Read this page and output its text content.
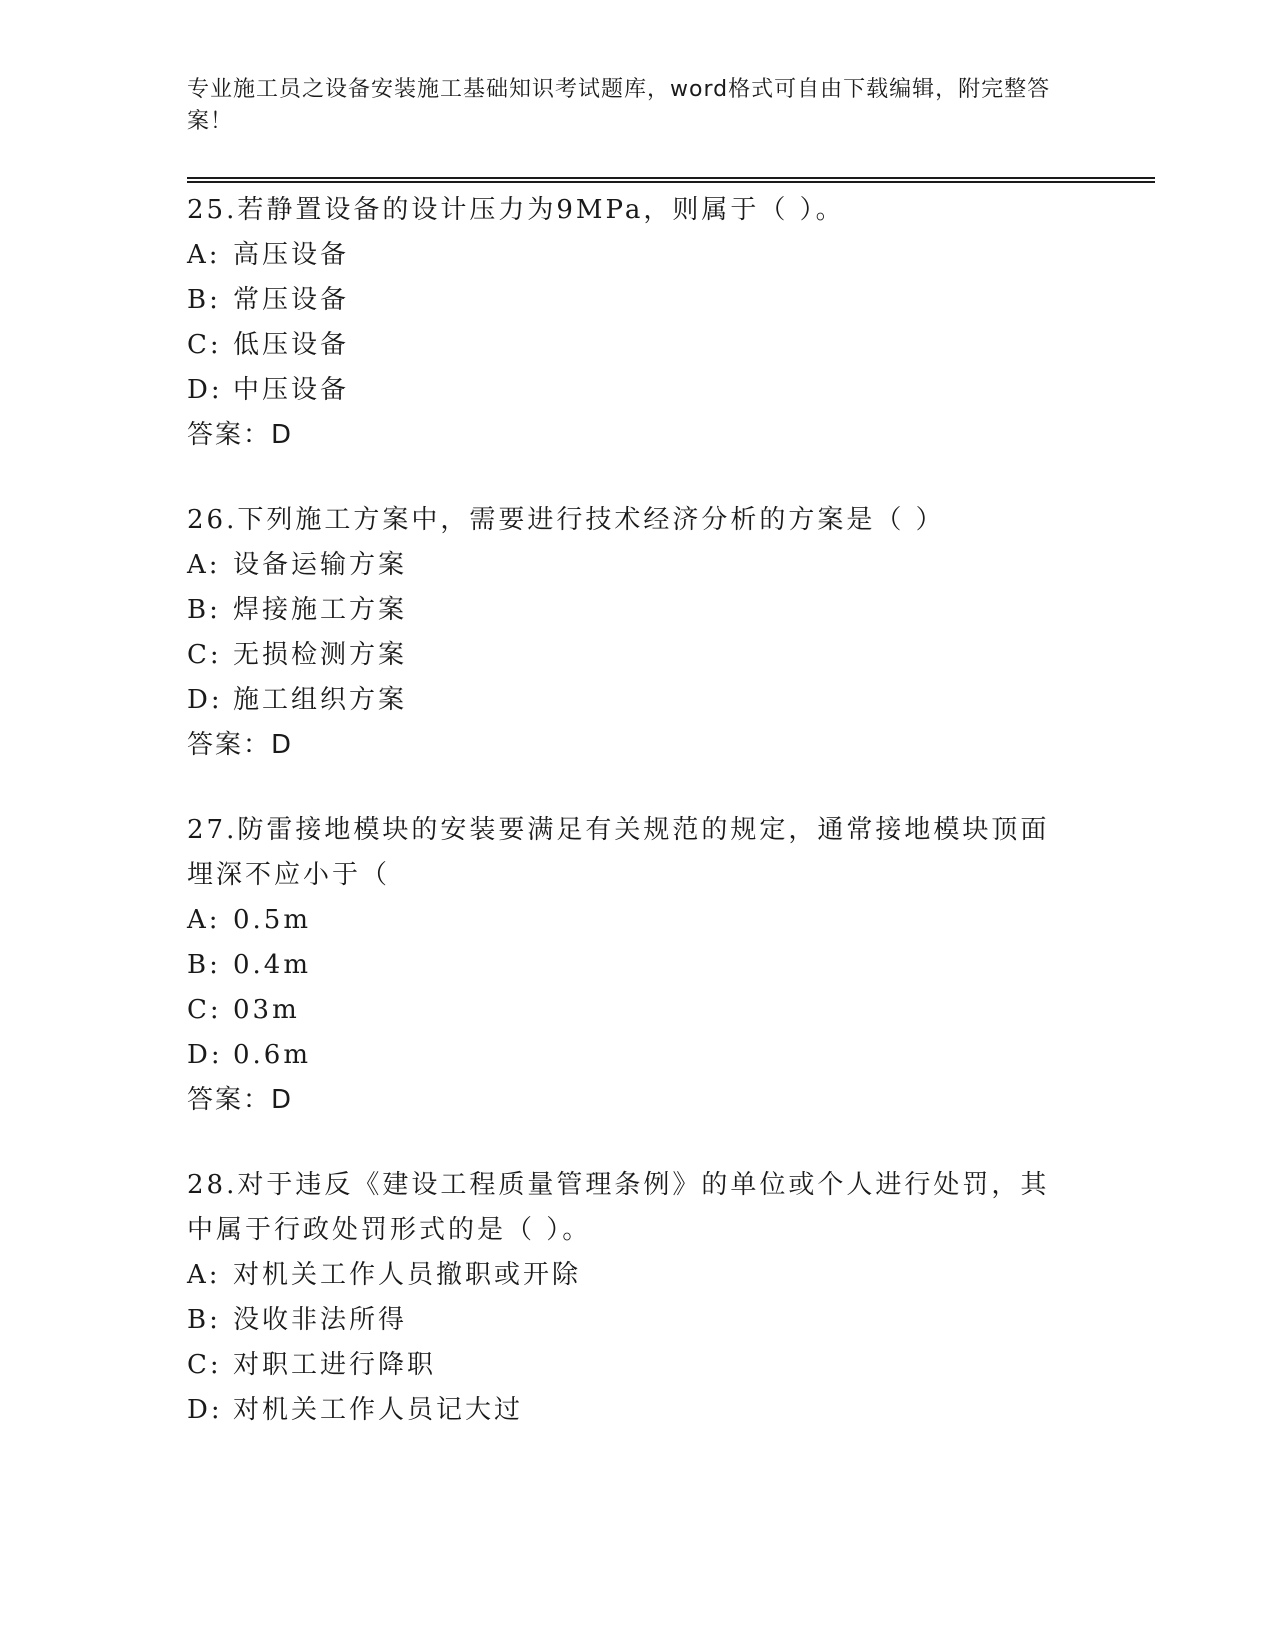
专业施工员之设备安装施工基础知识考试题库，word格式可自由下载编辑，附完整答案！
25.若静置设备的设计压力为9MPa，则属于（ ）。
A: 高压设备
B: 常压设备
C: 低压设备
D: 中压设备
答案：D
26.下列施工方案中，需要进行技术经济分析的方案是（ ）
A: 设备运输方案
B: 焊接施工方案
C: 无损检测方案
D: 施工组织方案
答案：D
27.防雷接地模块的安装要满足有关规范的规定，通常接地模块顶面埋深不应小于（
A: 0.5m
B: 0.4m
C: 03m
D: 0.6m
答案：D
28.对于违反《建设工程质量管理条例》的单位或个人进行处罚，其中属于行政处罚形式的是（ ）。
A: 对机关工作人员撤职或开除
B: 没收非法所得
C: 对职工进行降职
D: 对机关工作人员记大过
